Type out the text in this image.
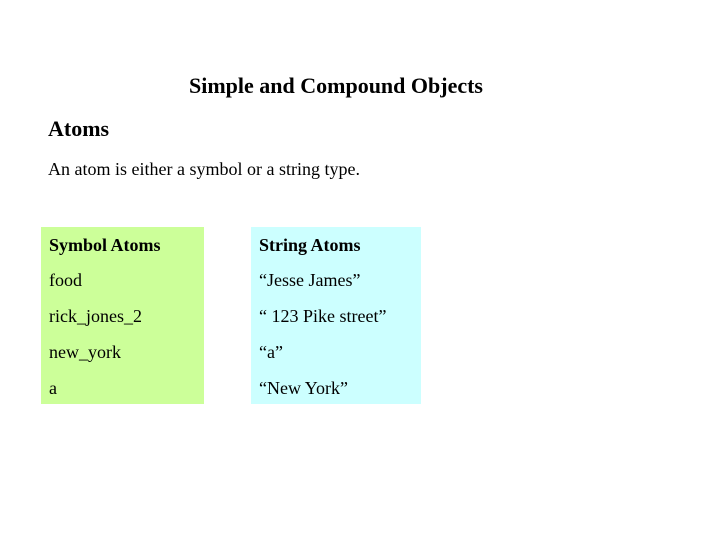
Simple and Compound Objects
Atoms
An atom is either a symbol or a string type.
Symbol Atoms
food
rick_jones_2
new_york
a
String Atoms
“Jesse James”
“ 123 Pike street”
“a”
“New York”
